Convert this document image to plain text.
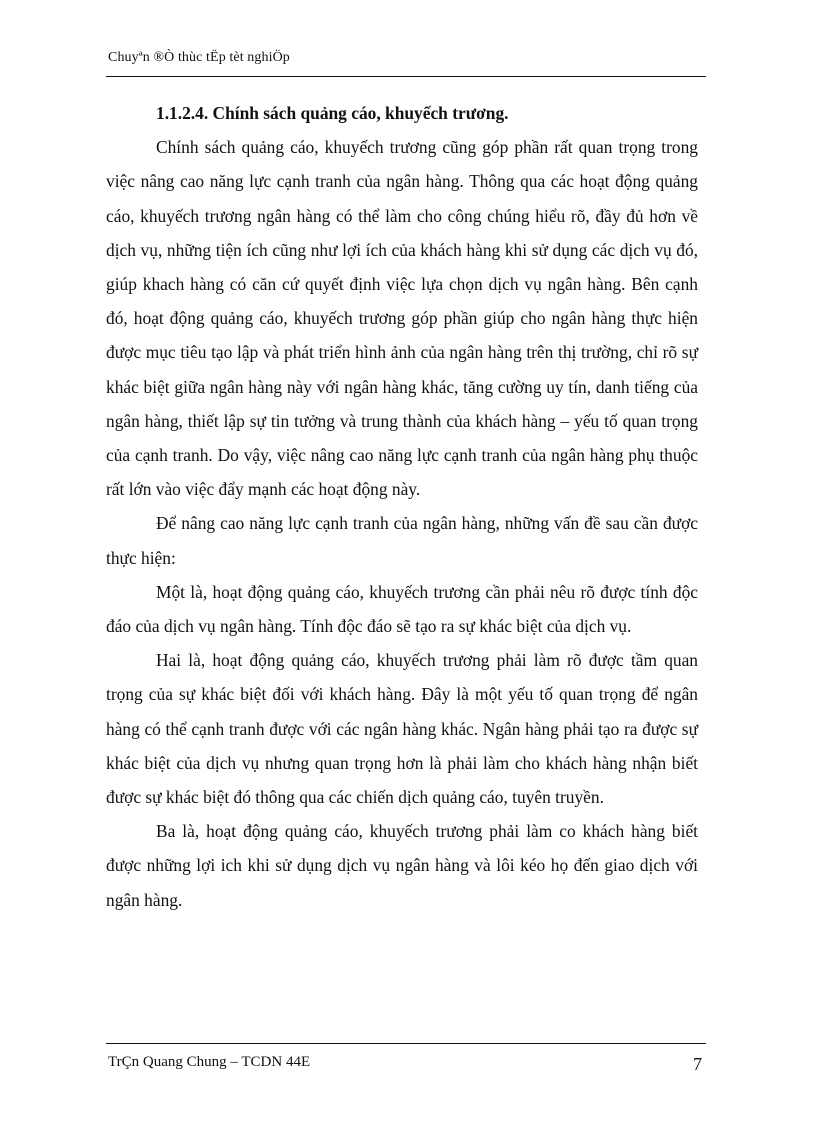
Chuyªn ®Ò thùc tËp tèt nghiÖp

1.1.2.4. Chính sách quảng cáo, khuyếch trương.

Chính sách quảng cáo, khuyếch trương cũng góp phần rất quan trọng trong việc nâng cao năng lực cạnh tranh của ngân hàng. Thông qua các hoạt động quảng cáo, khuyếch trương ngân hàng có thể làm cho công chúng hiểu rõ, đầy đủ hơn về dịch vụ, những tiện ích cũng như lợi ích của khách hàng khi sử dụng các dịch vụ đó, giúp khach hàng có căn cứ quyết định việc lựa chọn dịch vụ ngân hàng. Bên cạnh đó, hoạt động quảng cáo, khuyếch trương góp phần giúp cho ngân hàng thực hiện được mục tiêu tạo lập và phát triển hình ảnh của ngân hàng trên thị trường, chỉ rõ sự khác biệt giữa ngân hàng này với ngân hàng khác, tăng cường uy tín, danh tiếng của ngân hàng, thiết lập sự tin tưởng và trung thành của khách hàng – yếu tố quan trọng của cạnh tranh. Do vậy, việc nâng cao năng lực cạnh tranh của ngân hàng phụ thuộc rất lớn vào việc đẩy mạnh các hoạt động này.

Để nâng cao năng lực cạnh tranh của ngân hàng, những vấn đề sau cần được thực hiện:

Một là, hoạt động quảng cáo, khuyếch trương cần phải nêu rõ được tính độc đáo của dịch vụ ngân hàng. Tính độc đáo sẽ tạo ra sự khác biệt của dịch vụ.

Hai là, hoạt động quảng cáo, khuyếch trương phải làm rõ được tầm quan trọng của sự khác biệt đối với khách hàng. Đây là một yếu tố quan trọng để ngân hàng có thể cạnh tranh được với các ngân hàng khác. Ngân hàng phải tạo ra được sự khác biệt của dịch vụ nhưng quan trọng hơn là phải làm cho khách hàng nhận biết được sự khác biệt đó thông qua các chiến dịch quảng cáo, tuyên truyền.

Ba là, hoạt động quảng cáo, khuyếch trương phải làm co khách hàng biết được những lợi ich khi sử dụng dịch vụ ngân hàng và lôi kéo họ đến giao dịch với ngân hàng.

TrÇn Quang Chung – TCDN 44E	7
